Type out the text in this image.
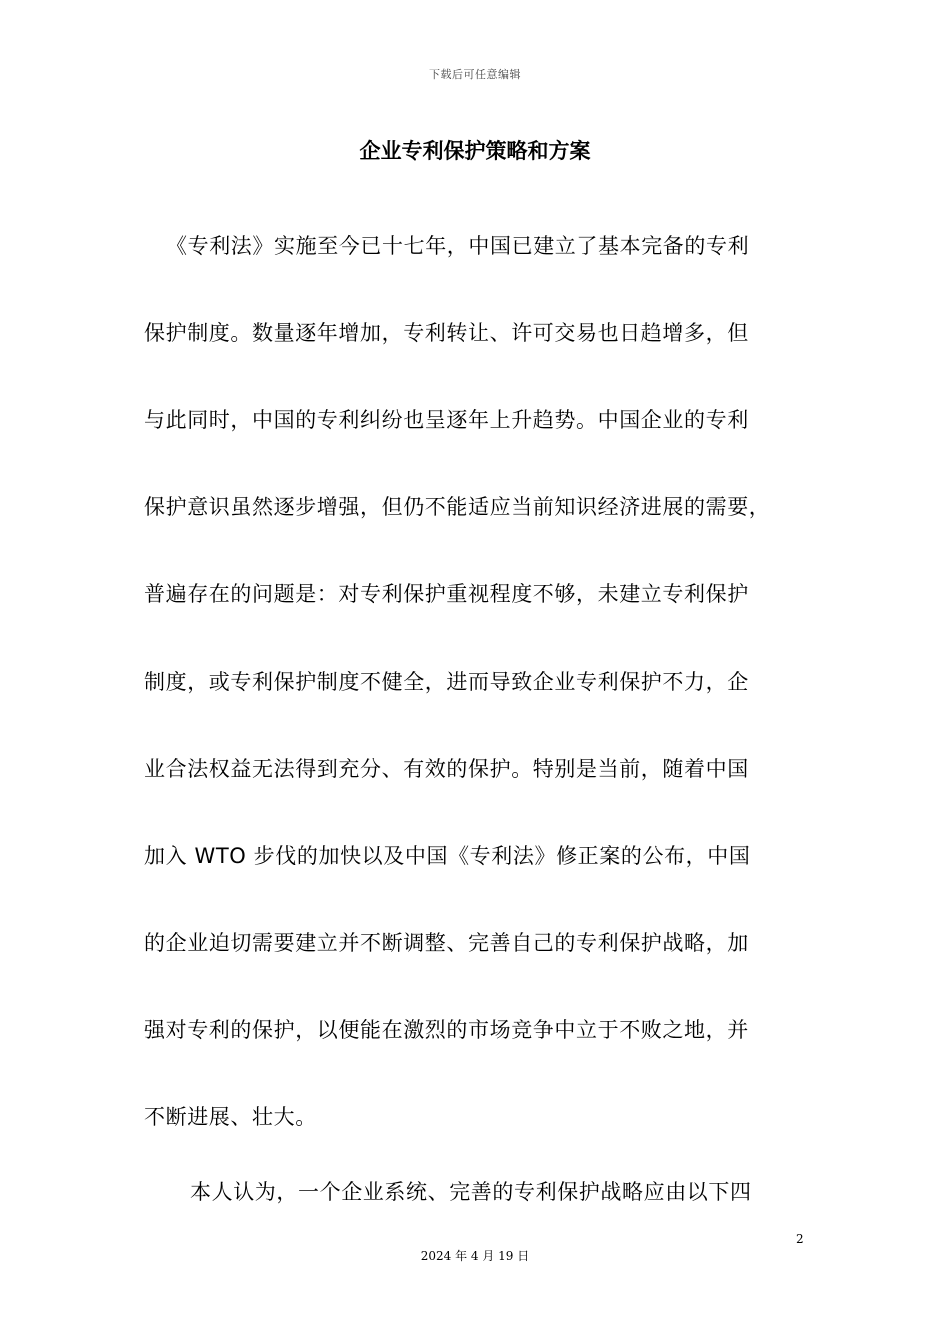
下载后可任意编辑
企业专利保护策略和方案
《专利法》实施至今已十七年，中国已建立了基本完备的专利
保护制度。数量逐年增加，专利转让、许可交易也日趋增多，但
与此同时，中国的专利纠纷也呈逐年上升趋势。中国企业的专利
保护意识虽然逐步增强，但仍不能适应当前知识经济进展的需要，
普遍存在的问题是：对专利保护重视程度不够，未建立专利保护
制度，或专利保护制度不健全，进而导致企业专利保护不力，企
业合法权益无法得到充分、有效的保护。特别是当前，随着中国
加入 WTO 步伐的加快以及中国《专利法》修正案的公布，中国
的企业迫切需要建立并不断调整、完善自己的专利保护战略，加
强对专利的保护，以便能在激烈的市场竞争中立于不败之地，并
不断进展、壮大。
本人认为，一个企业系统、完善的专利保护战略应由以下四
2
2024 年 4 月 19 日
